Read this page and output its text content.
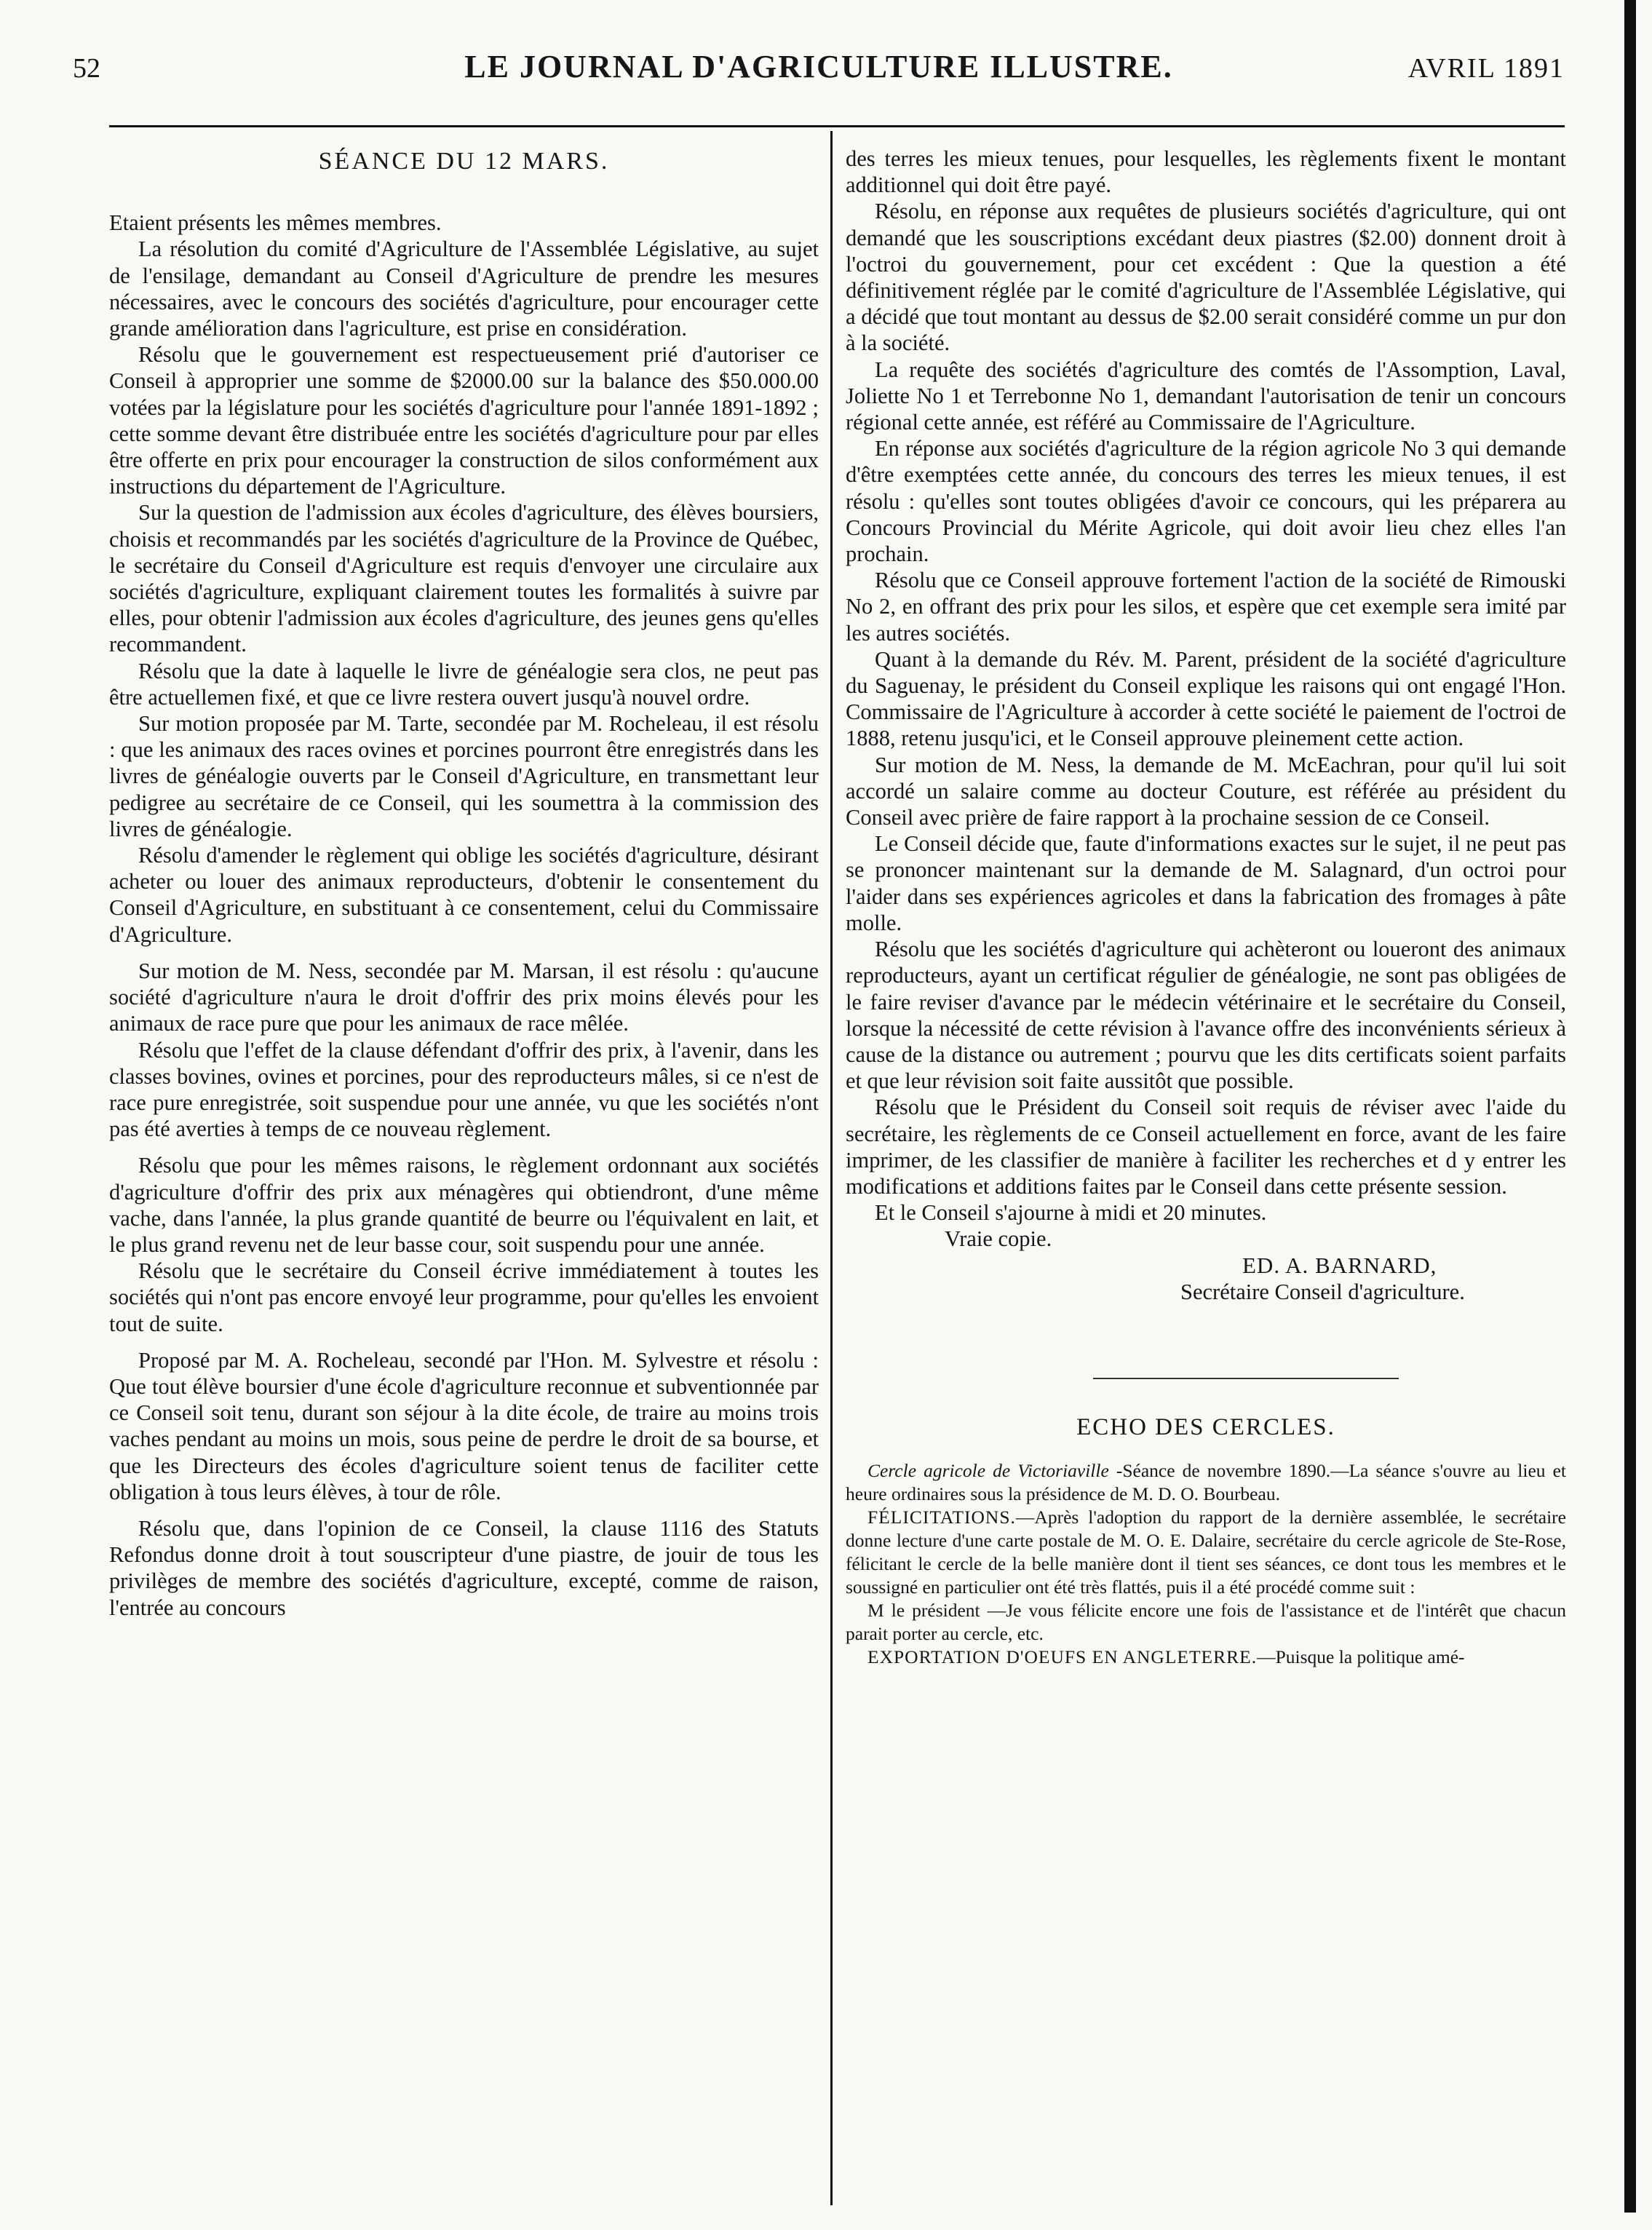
52	LE JOURNAL D'AGRICULTURE ILLUSTRE.	AVRIL 1891

SÉANCE DU 12 MARS.

Etaient présents les mêmes membres.

La résolution du comité d'Agriculture de l'Assemblée Législative, au sujet de l'ensilage, demandant au Conseil d'Agriculture de prendre les mesures nécessaires, avec le concours des sociétés d'agriculture, pour encourager cette grande amélioration dans l'agriculture, est prise en considération.

Résolu que le gouvernement est respectueusement prié d'autoriser ce Conseil à approprier une somme de $2000.00 sur la balance des $50.000.00 votées par la législature pour les sociétés d'agriculture pour l'année 1891-1892 ; cette somme devant être distribuée entre les sociétés d'agriculture pour par elles être offerte en prix pour encourager la construction de silos conformément aux instructions du département de l'Agriculture.

Sur la question de l'admission aux écoles d'agriculture, des élèves boursiers, choisis et recommandés par les sociétés d'agriculture de la Province de Québec, le secrétaire du Conseil d'Agriculture est requis d'envoyer une circulaire aux sociétés d'agriculture, expliquant clairement toutes les formalités à suivre par elles, pour obtenir l'admission aux écoles d'agriculture, des jeunes gens qu'elles recommandent.

Résolu que la date à laquelle le livre de généalogie sera clos, ne peut pas être actuellemen fixé, et que ce livre restera ouvert jusqu'à nouvel ordre.

Sur motion proposée par M. Tarte, secondée par M. Rocheleau, il est résolu : que les animaux des races ovines et porcines pourront être enregistrés dans les livres de généalogie ouverts par le Conseil d'Agriculture, en transmettant leur pedigree au secrétaire de ce Conseil, qui les soumettra à la commission des livres de généalogie.

Résolu d'amender le règlement qui oblige les sociétés d'agriculture, désirant acheter ou louer des animaux reproducteurs, d'obtenir le consentement du Conseil d'Agriculture, en substituant à ce consentement, celui du Commissaire d'Agriculture.

Sur motion de M. Ness, secondée par M. Marsan, il est résolu : qu'aucune société d'agriculture n'aura le droit d'offrir des prix moins élevés pour les animaux de race pure que pour les animaux de race mêlée.

Résolu que l'effet de la clause défendant d'offrir des prix, à l'avenir, dans les classes bovines, ovines et porcines, pour des reproducteurs mâles, si ce n'est de race pure enregistrée, soit suspendue pour une année, vu que les sociétés n'ont pas été averties à temps de ce nouveau règlement.

Résolu que pour les mêmes raisons, le règlement ordonnant aux sociétés d'agriculture d'offrir des prix aux ménagères qui obtiendront, d'une même vache, dans l'année, la plus grande quantité de beurre ou l'équivalent en lait, et le plus grand revenu net de leur basse cour, soit suspendu pour une année.

Résolu que le secrétaire du Conseil écrive immédiatement à toutes les sociétés qui n'ont pas encore envoyé leur programme, pour qu'elles les envoient tout de suite.

Proposé par M. A. Rocheleau, secondé par l'Hon. M. Sylvestre et résolu : Que tout élève boursier d'une école d'agriculture reconnue et subventionnée par ce Conseil soit tenu, durant son séjour à la dite école, de traire au moins trois vaches pendant au moins un mois, sous peine de perdre le droit de sa bourse, et que les Directeurs des écoles d'agriculture soient tenus de faciliter cette obligation à tous leurs élèves, à tour de rôle.

Résolu que, dans l'opinion de ce Conseil, la clause 1116 des Statuts Refondus donne droit à tout souscripteur d'une piastre, de jouir de tous les privilèges de membre des sociétés d'agriculture, excepté, comme de raison, l'entrée au concours

des terres les mieux tenues, pour lesquelles, les règlements fixent le montant additionnel qui doit être payé.

Résolu, en réponse aux requêtes de plusieurs sociétés d'agriculture, qui ont demandé que les souscriptions excédant deux piastres ($2.00) donnent droit à l'octroi du gouvernement, pour cet excédent : Que la question a été définitivement réglée par le comité d'agriculture de l'Assemblée Législative, qui a décidé que tout montant au dessus de $2.00 serait considéré comme un pur don à la société.

La requête des sociétés d'agriculture des comtés de l'Assomption, Laval, Joliette No 1 et Terrebonne No 1, demandant l'autorisation de tenir un concours régional cette année, est référé au Commissaire de l'Agriculture.

En réponse aux sociétés d'agriculture de la région agricole No 3 qui demande d'être exemptées cette année, du concours des terres les mieux tenues, il est résolu : qu'elles sont toutes obligées d'avoir ce concours, qui les préparera au Concours Provincial du Mérite Agricole, qui doit avoir lieu chez elles l'an prochain.

Résolu que ce Conseil approuve fortement l'action de la société de Rimouski No 2, en offrant des prix pour les silos, et espère que cet exemple sera imité par les autres sociétés.

Quant à la demande du Rév. M. Parent, président de la société d'agriculture du Saguenay, le président du Conseil explique les raisons qui ont engagé l'Hon. Commissaire de l'Agriculture à accorder à cette société le paiement de l'octroi de 1888, retenu jusqu'ici, et le Conseil approuve pleinement cette action.

Sur motion de M. Ness, la demande de M. McEachran, pour qu'il lui soit accordé un salaire comme au docteur Couture, est référée au président du Conseil avec prière de faire rapport à la prochaine session de ce Conseil.

Le Conseil décide que, faute d'informations exactes sur le sujet, il ne peut pas se prononcer maintenant sur la demande de M. Salagnard, d'un octroi pour l'aider dans ses expériences agricoles et dans la fabrication des fromages à pâte molle.

Résolu que les sociétés d'agriculture qui achèteront ou loueront des animaux reproducteurs, ayant un certificat régulier de généalogie, ne sont pas obligées de le faire reviser d'avance par le médecin vétérinaire et le secrétaire du Conseil, lorsque la nécessité de cette révision à l'avance offre des inconvénients sérieux à cause de la distance ou autrement ; pourvu que les dits certificats soient parfaits et que leur révision soit faite aussitôt que possible.

Résolu que le Président du Conseil soit requis de réviser avec l'aide du secrétaire, les règlements de ce Conseil actuellement en force, avant de les faire imprimer, de les classifier de manière à faciliter les recherches et d y entrer les modifications et additions faites par le Conseil dans cette présente session.

Et le Conseil s'ajourne à midi et 20 minutes.

Vraie copie.

ED. A. BARNARD,

Secrétaire Conseil d'agriculture.

ECHO DES CERCLES.

Cercle agricole de Victoriaville -Séance de novembre 1890.—La séance s'ouvre au lieu et heure ordinaires sous la présidence de M. D. O. Bourbeau.

FÉLICITATIONS.—Après l'adoption du rapport de la dernière assemblée, le secrétaire donne lecture d'une carte postale de M. O. E. Dalaire, secrétaire du cercle agricole de Ste-Rose, félicitant le cercle de la belle manière dont il tient ses séances, ce dont tous les membres et le soussigné en particulier ont été très flattés, puis il a été procédé comme suit :

M le président —Je vous félicite encore une fois de l'assistance et de l'intérêt que chacun parait porter au cercle, etc.

EXPORTATION D'OEUFS EN ANGLETERRE.—Puisque la politique amé-
